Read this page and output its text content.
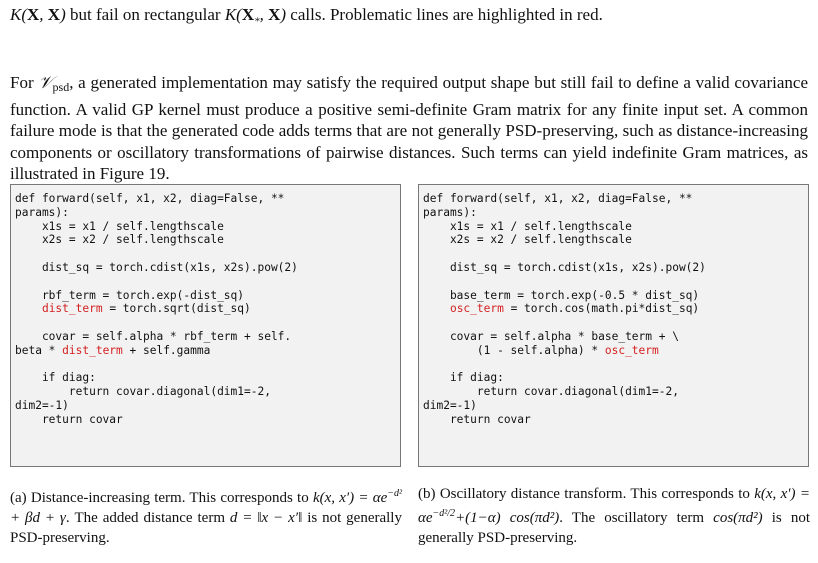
K(X, X) but fail on rectangular $K(X_*$, X) calls. Problematic lines are highlighted in red.
For 𝒱$_{psd}$, a generated implementation may satisfy the required output shape but still fail to define a valid covariance function. A valid GP kernel must produce a positive semi-definite Gram matrix for any finite input set. A common failure mode is that the generated code adds terms that are not generally PSD-preserving, such as distance-increasing components or oscillatory transformations of pairwise distances. Such terms can yield indefinite Gram matrices, as illustrated in Figure 19.
def forward(self, x1, x2, diag=False, **
params):
x1s = x1 / self.lengthscale
x2s = x2 / self.lengthscale

dist_sq = torch.cdist(x1s, x2s).pow(2)

rbf_term = torch.exp(-dist_sq)
dist_term = torch.sqrt(dist_sq)

covar = self.alpha * rbf_term + self.
beta * dist_term + self.gamma

if diag:
return covar.diagonal(dim1=-2,
dim2=-1)
return covar
def forward(self, x1, x2, diag=False, **
params):
x1s = x1 / self.lengthscale
x2s = x2 / self.lengthscale

dist_sq = torch.cdist(x1s, x2s).pow(2)

base_term = torch.exp(-0.5 * dist_sq)
osc_term = torch.cos(math.pi*dist_sq)

covar = self.alpha * base_term + \
(1 - self.alpha) * osc_term

if diag:
return covar.diagonal(dim1=-2,
dim2=-1)
return covar
(a) Distance-increasing term. This corresponds to k(x, $x') = \alpha e^{-d^2} + \beta d + \gamma$. The added distance term d = ‖x − x′‖ is not generally PSD-preserving.
(b) Oscillatory distance transform. This corresponds to k(x, $x') = \alpha e^{-d^2/2}+(1-\alpha)$ cos(πd²). The oscillatory term cos(πd²) is not generally PSD-preserving.
